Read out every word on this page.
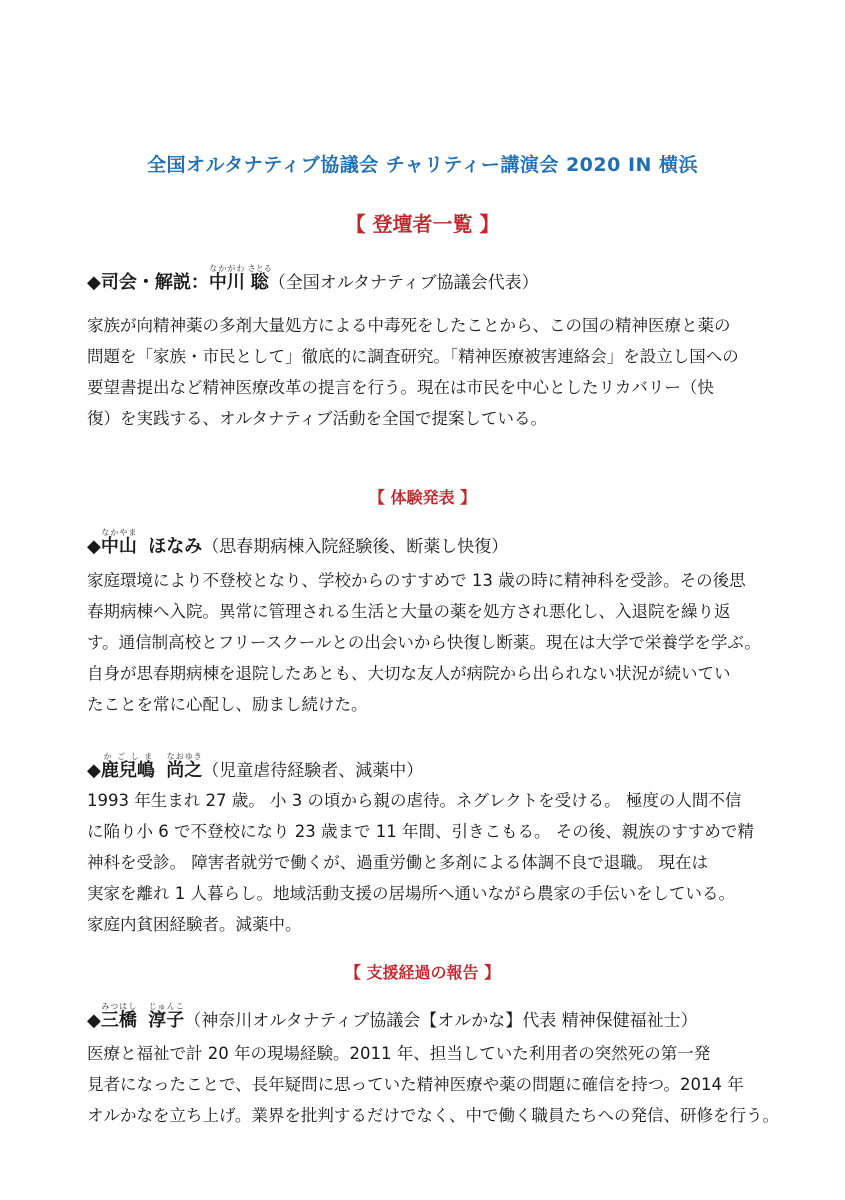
全国オルタナティブ協議会 チャリティー講演会 2020 IN 横浜
【 登壇者一覧 】
◆司会・解説：中川なかがわ 聡さとる（全国オルタナティブ協議会代表）
家族が向精神薬の多剤大量処方による中毒死をしたことから、この国の精神医療と薬の
問題を「家族・市民として」徹底的に調査研究。「精神医療被害連絡会」を設立し国への
要望書提出など精神医療改革の提言を行う。現在は市民を中心としたリカバリー（快
復）を実践する、オルタナティブ活動を全国で提案している。
【 体験発表 】
◆中山なかやま  ほなみ（思春期病棟入院経験後、断薬し快復）
家庭環境により不登校となり、学校からのすすめで 13 歳の時に精神科を受診。その後思
春期病棟へ入院。異常に管理される生活と大量の薬を処方され悪化し、入退院を繰り返
す。通信制高校とフリースクールとの出会いから快復し断薬。現在は大学で栄養学を学ぶ。
自身が思春期病棟を退院したあとも、大切な友人が病院から出られない状況が続いてい
たことを常に心配し、励まし続けた。
◆鹿兒嶋かごしま  尚之なおゆき（児童虐待経験者、減薬中）
1993 年生まれ 27 歳。 小 3 の頃から親の虐待。ネグレクトを受ける。 極度の人間不信
に陥り小 6 で不登校になり 23 歳まで 11 年間、引きこもる。 その後、親族のすすめで精
神科を受診。 障害者就労で働くが、過重労働と多剤による体調不良で退職。 現在は
実家を離れ 1 人暮らし。地域活動支援の居場所へ通いながら農家の手伝いをしている。
家庭内貧困経験者。減薬中。
【 支援経過の報告 】
◆三橋みつはし  淳子じゅんこ（神奈川オルタナティブ協議会【オルかな】代表 精神保健福祉士）
医療と福祉で計 20 年の現場経験。2011 年、担当していた利用者の突然死の第一発
見者になったことで、長年疑問に思っていた精神医療や薬の問題に確信を持つ。2014 年
オルかなを立ち上げ。業界を批判するだけでなく、中で働く職員たちへの発信、研修を行う。
